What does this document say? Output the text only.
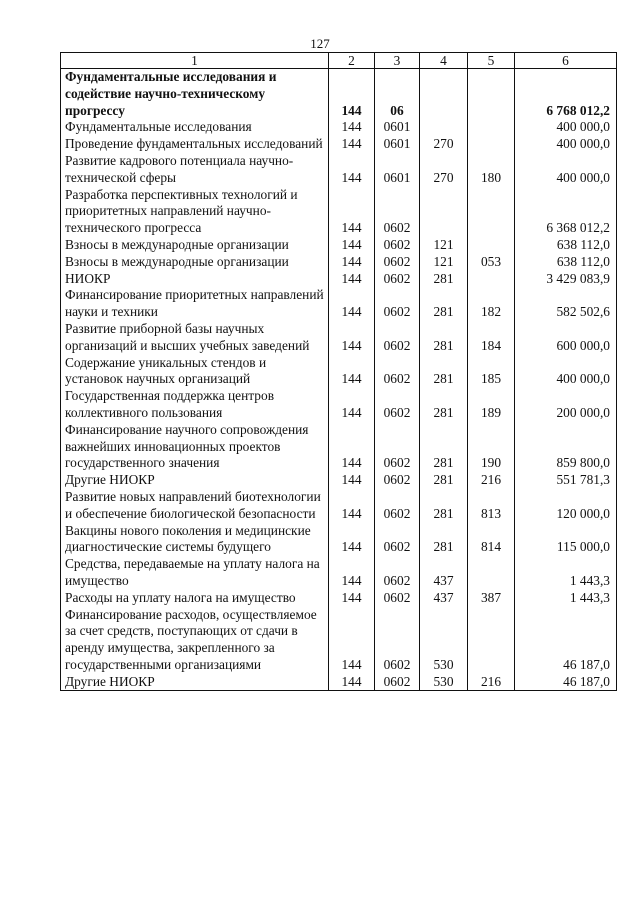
127
1	2	3	4	5	6
Фундаментальные исследования и содействие научно-техническому прогрессу	144	06			6 768 012,2
Фундаментальные исследования	144	0601			400 000,0
Проведение фундаментальных исследований	144	0601	270		400 000,0
Развитие кадрового потенциала научно-технической сферы	144	0601	270	180	400 000,0
Разработка перспективных технологий и приоритетных направлений научно-технического прогресса	144	0602			6 368 012,2
Взносы в международные организации	144	0602	121		638 112,0
Взносы в международные организации	144	0602	121	053	638 112,0
НИОКР	144	0602	281		3 429 083,9
Финансирование приоритетных направлений науки и техники	144	0602	281	182	582 502,6
Развитие приборной базы научных организаций и высших учебных заведений	144	0602	281	184	600 000,0
Содержание уникальных стендов и установок научных организаций	144	0602	281	185	400 000,0
Государственная поддержка центров коллективного пользования	144	0602	281	189	200 000,0
Финансирование научного сопровождения важнейших инновационных проектов государственного значения	144	0602	281	190	859 800,0
Другие НИОКР	144	0602	281	216	551 781,3
Развитие новых направлений биотехнологии и обеспечение биологической безопасности	144	0602	281	813	120 000,0
Вакцины нового поколения и медицинские диагностические системы будущего	144	0602	281	814	115 000,0
Средства, передаваемые на уплату налога на имущество	144	0602	437		1 443,3
Расходы на уплату налога на имущество	144	0602	437	387	1 443,3
Финансирование расходов, осуществляемое за счет средств, поступающих от сдачи в аренду имущества, закрепленного за государственными организациями	144	0602	530		46 187,0
Другие НИОКР	144	0602	530	216	46 187,0
